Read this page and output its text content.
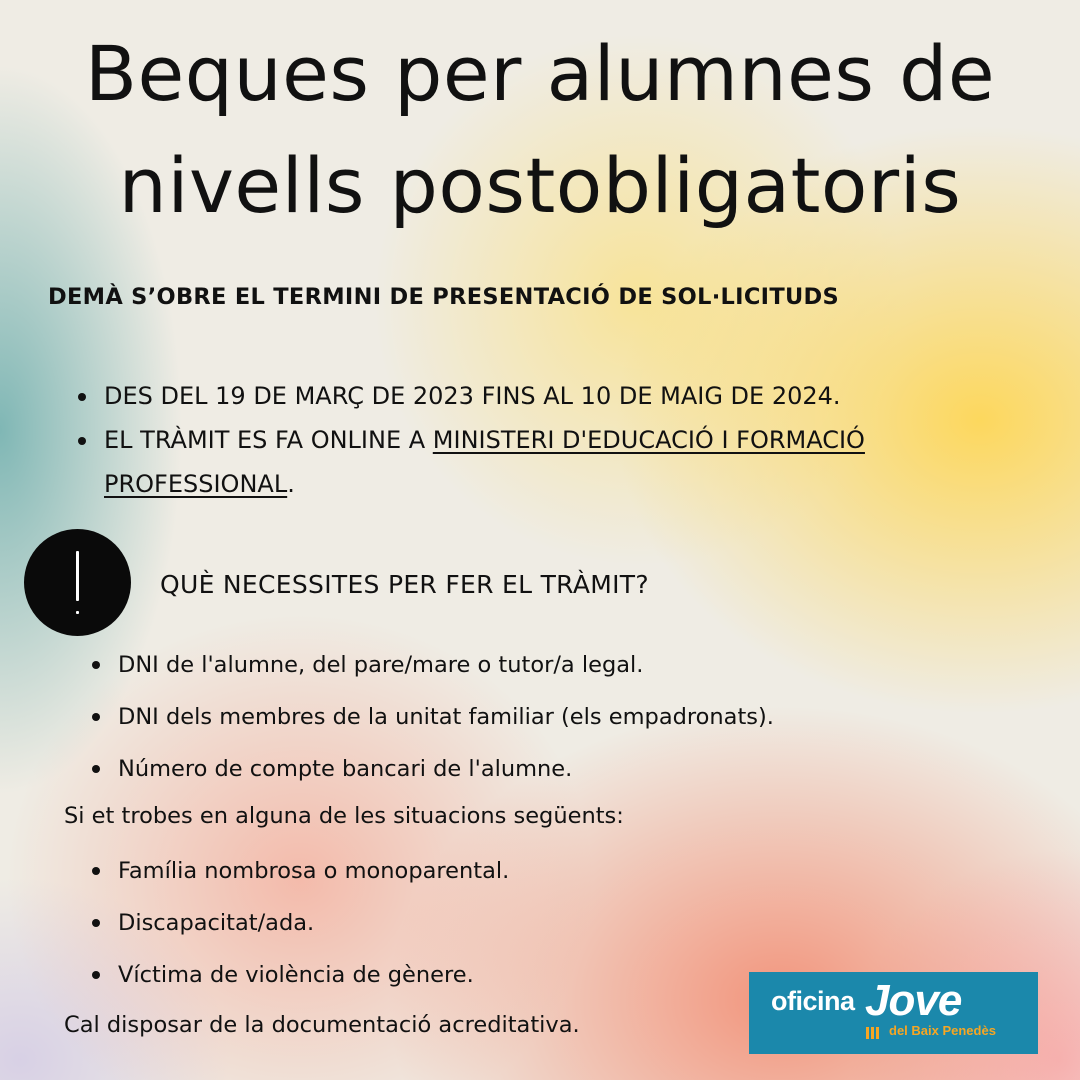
Beques per alumnes de
nivells postobligatoris

DEMÀ S’OBRE EL TERMINI DE PRESENTACIÓ DE SOL·LICITUDS

DES DEL 19 DE MARÇ DE 2023 FINS AL 10 DE MAIG DE 2024.
EL TRÀMIT ES FA ONLINE A MINISTERI D'EDUCACIÓ I FORMACIÓ PROFESSIONAL.
QUÈ NECESSITES PER FER EL TRÀMIT?
DNI de l'alumne, del pare/mare o tutor/a legal.
DNI dels membres de la unitat familiar (els empadronats).
Número de compte bancari de l'alumne.

Si et trobes en alguna de les situacions següents:

Família nombrosa o monoparental.
Discapacitat/ada.
Víctima de violència de gènere.

Cal disposar de la documentació acreditativa.

oficina Jove
del Baix Penedès
